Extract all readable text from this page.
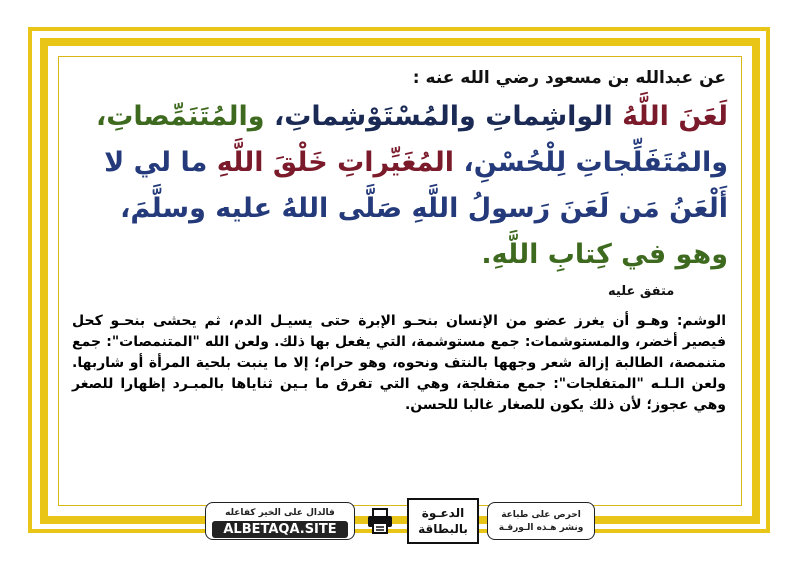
عن عبدالله بن مسعود رضي الله عنه :
لَعَنَ اللَّهُ الواشِماتِ والمُسْتَوْشِماتِ، والمُتَنَمِّصاتِ، والمُتَفَلِّجاتِ لِلْحُسْنِ، المُغَيِّراتِ خَلْقَ اللَّهِ ما لي لا أَلْعَنُ مَن لَعَنَ رَسولُ اللَّهِ صَلَّى اللهُ عليه وسلَّمَ، وهو في كِتابِ اللَّهِ.
متفق عليه
الوشم: وهـو أن يغرز عضو من الإنسان بنحـو الإبرة حتى يسيـل الدم، ثم يحشى بنحـو كحل فيصير أخضر، والمستوشمات: جمع مستوشمة، التي يفعل بها ذلك. ولعن الله "المتنمصات": جمع متنمصة، الطالبة إزالة شعر وجهها بالنتف ونحوه، وهو حرام؛ إلا ما ينبت بلحية المرأة أو شاربها. ولعن الـلـه "المتفلجات": جمع متفلجة، وهي التي تفرق ما بـين ثناياها بالمبـرد إظهارا للصغر وهي عجوز؛ لأن ذلك يكون للصغار غالبا للحسن.
فالدال على الخير كفاعله
ALBETAQA.SITE
الدعـوة
بالبطاقة
احرص على طباعة
ونشر هـذه الـورقـة
